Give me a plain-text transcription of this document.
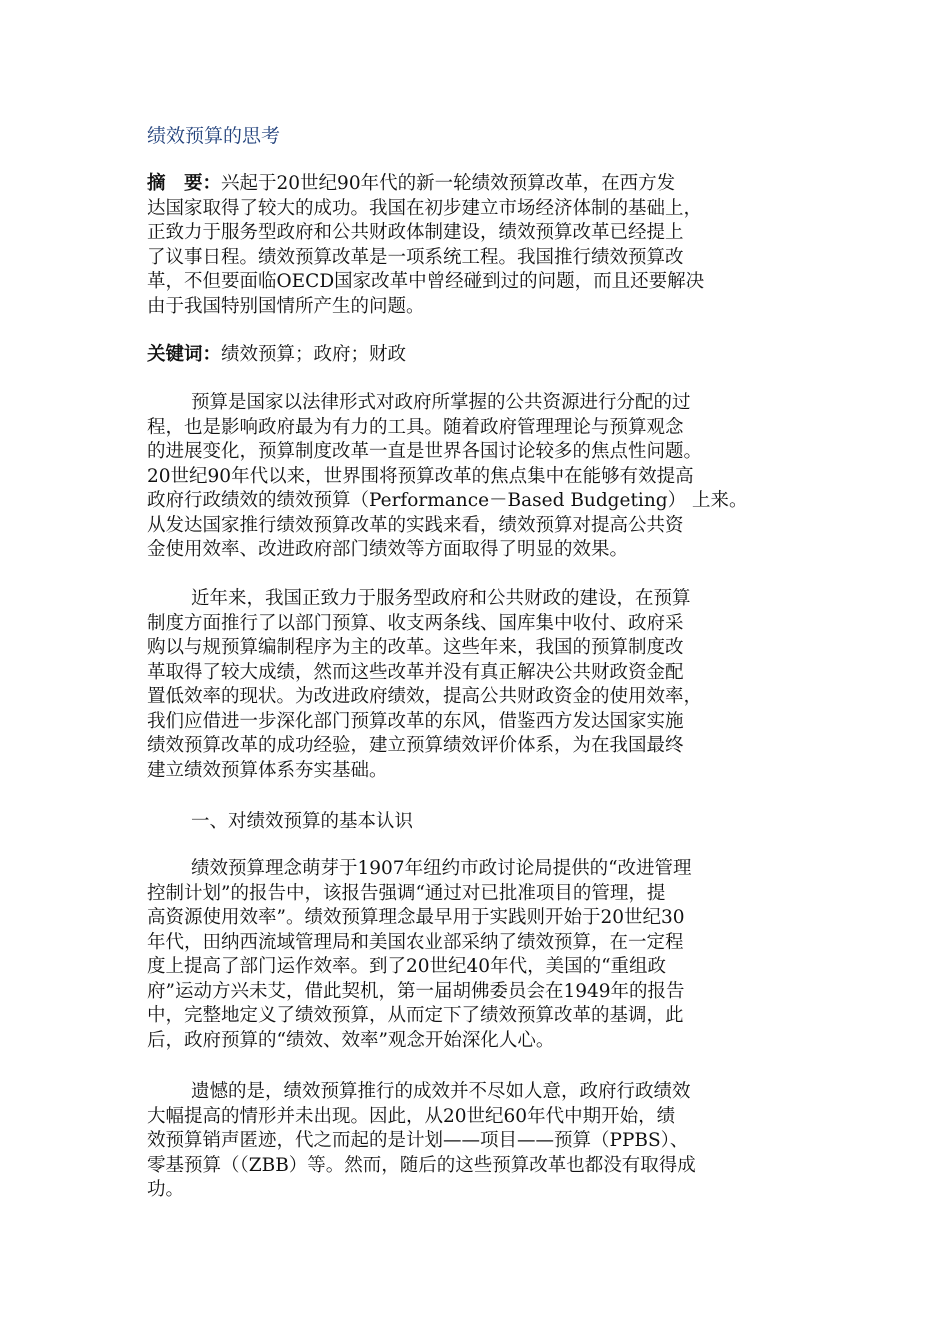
绩效预算的思考
摘　要：兴起于20世纪90年代的新一轮绩效预算改革，在西方发
达国家取得了较大的成功。我国在初步建立市场经济体制的基础上，
正致力于服务型政府和公共财政体制建设，绩效预算改革已经提上
了议事日程。绩效预算改革是一项系统工程。我国推行绩效预算改
革，不但要面临OECD国家改革中曾经碰到过的问题，而且还要解决
由于我国特别国情所产生的问题。
关键词：绩效预算；政府；财政
预算是国家以法律形式对政府所掌握的公共资源进行分配的过
程，也是影响政府最为有力的工具。随着政府管理理论与预算观念
的进展变化，预算制度改革一直是世界各国讨论较多的焦点性问题。
20世纪90年代以来，世界围将预算改革的焦点集中在能够有效提高
政府行政绩效的绩效预算（Performance－Based Budgeting） 上来。
从发达国家推行绩效预算改革的实践来看，绩效预算对提高公共资
金使用效率、改进政府部门绩效等方面取得了明显的效果。
近年来，我国正致力于服务型政府和公共财政的建设，在预算
制度方面推行了以部门预算、收支两条线、国库集中收付、政府采
购以与规预算编制程序为主的改革。这些年来，我国的预算制度改
革取得了较大成绩，然而这些改革并没有真正解决公共财政资金配
置低效率的现状。为改进政府绩效，提高公共财政资金的使用效率，
我们应借进一步深化部门预算改革的东风，借鉴西方发达国家实施
绩效预算改革的成功经验，建立预算绩效评价体系，为在我国最终
建立绩效预算体系夯实基础。
一、对绩效预算的基本认识
绩效预算理念萌芽于1907年纽约市政讨论局提供的“改进管理
控制计划”的报告中，该报告强调“通过对已批准项目的管理，提
高资源使用效率”。绩效预算理念最早用于实践则开始于20世纪30
年代，田纳西流域管理局和美国农业部采纳了绩效预算，在一定程
度上提高了部门运作效率。到了20世纪40年代，美国的“重组政
府”运动方兴未艾，借此契机，第一届胡佛委员会在1949年的报告
中，完整地定义了绩效预算，从而定下了绩效预算改革的基调，此
后，政府预算的“绩效、效率”观念开始深化人心。
遗憾的是，绩效预算推行的成效并不尽如人意，政府行政绩效
大幅提高的情形并未出现。因此，从20世纪60年代中期开始，绩
效预算销声匿迹，代之而起的是计划——项目——预算（PPBS）、
零基预算（（ZBB）等。然而，随后的这些预算改革也都没有取得成
功。
